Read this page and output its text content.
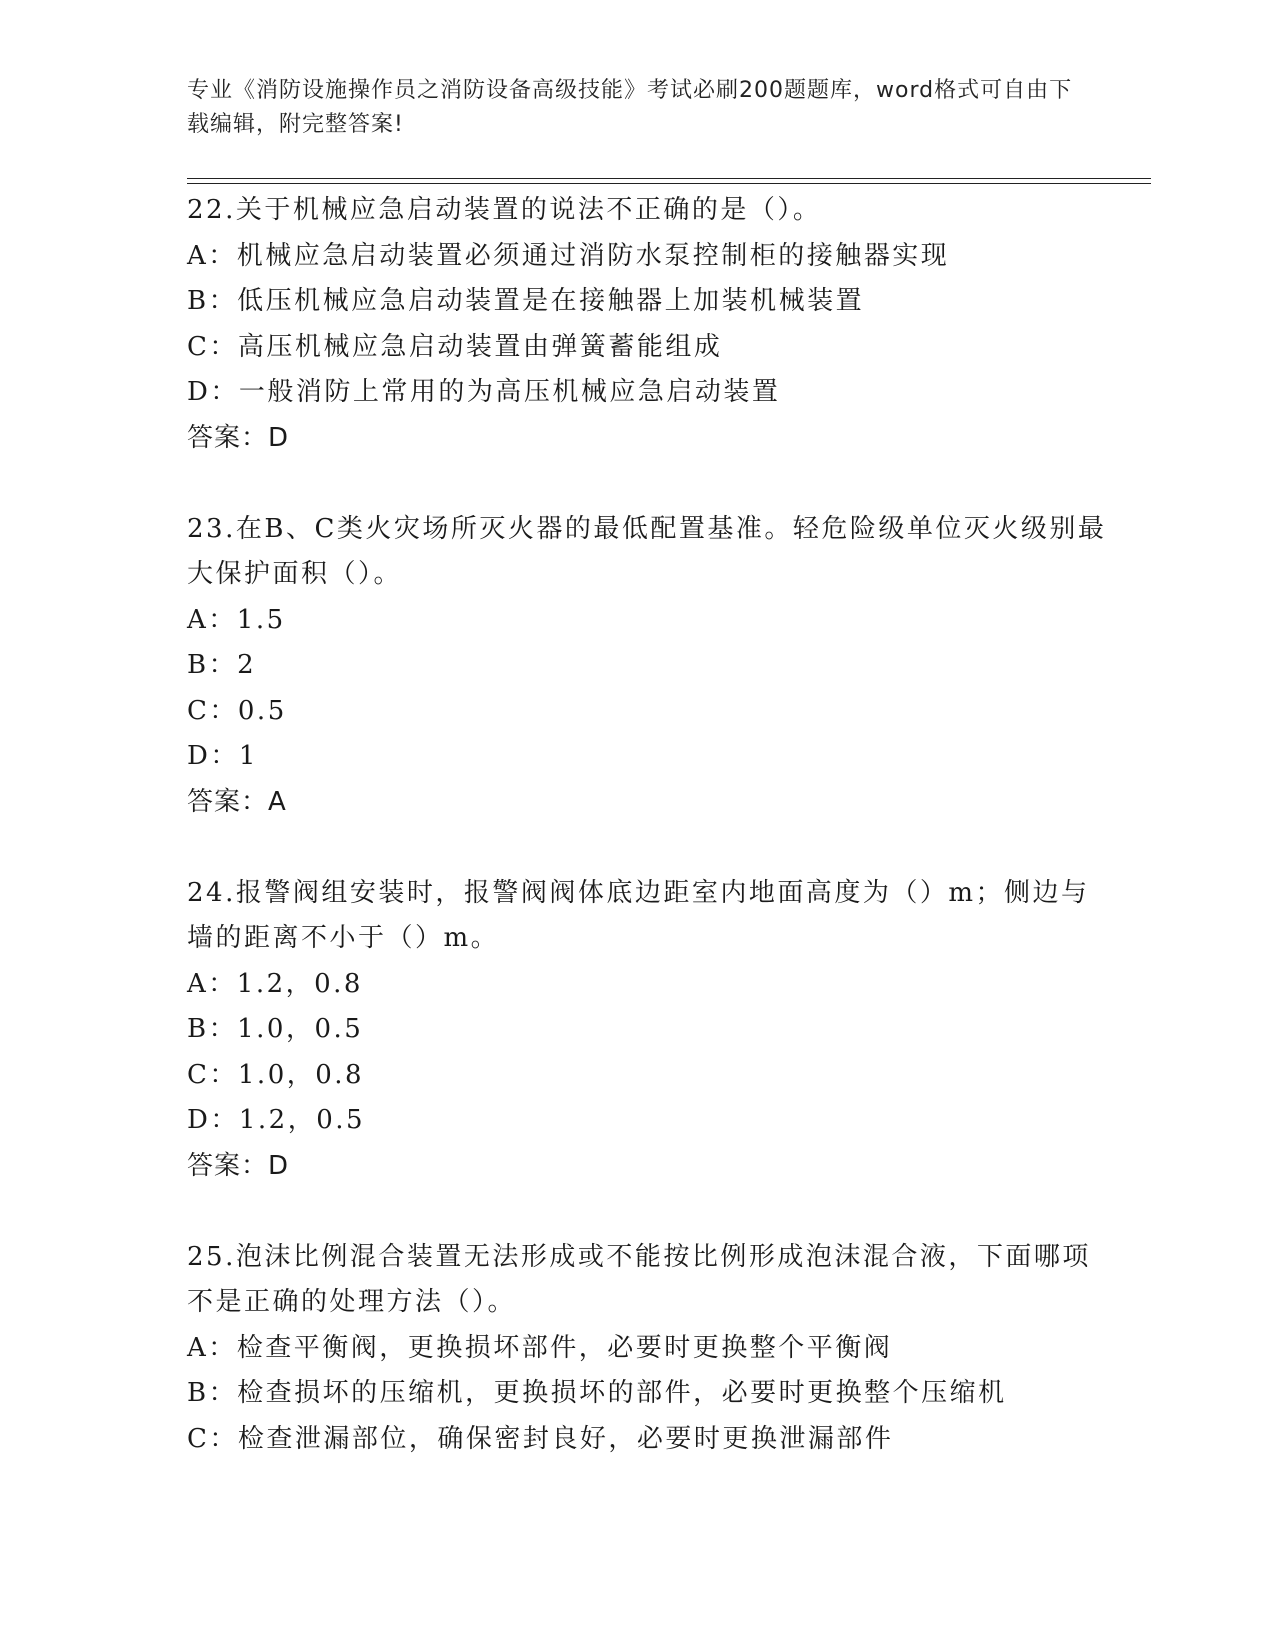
专业《消防设施操作员之消防设备高级技能》考试必刷200题题库，word格式可自由下载编辑，附完整答案!
22.关于机械应急启动装置的说法不正确的是（）。
A：机械应急启动装置必须通过消防水泵控制柜的接触器实现
B：低压机械应急启动装置是在接触器上加装机械装置
C：高压机械应急启动装置由弹簧蓄能组成
D：一般消防上常用的为高压机械应急启动装置
答案：D
23.在B、C类火灾场所灭火器的最低配置基准。轻危险级单位灭火级别最大保护面积（）。
A：1.5
B：2
C：0.5
D：1
答案：A
24.报警阀组安装时，报警阀阀体底边距室内地面高度为（）m；侧边与墙的距离不小于（）m。
A：1.2，0.8
B：1.0，0.5
C：1.0，0.8
D：1.2，0.5
答案：D
25.泡沫比例混合装置无法形成或不能按比例形成泡沫混合液，下面哪项不是正确的处理方法（）。
A：检查平衡阀，更换损坏部件，必要时更换整个平衡阀
B：检查损坏的压缩机，更换损坏的部件，必要时更换整个压缩机
C：检查泄漏部位，确保密封良好，必要时更换泄漏部件
